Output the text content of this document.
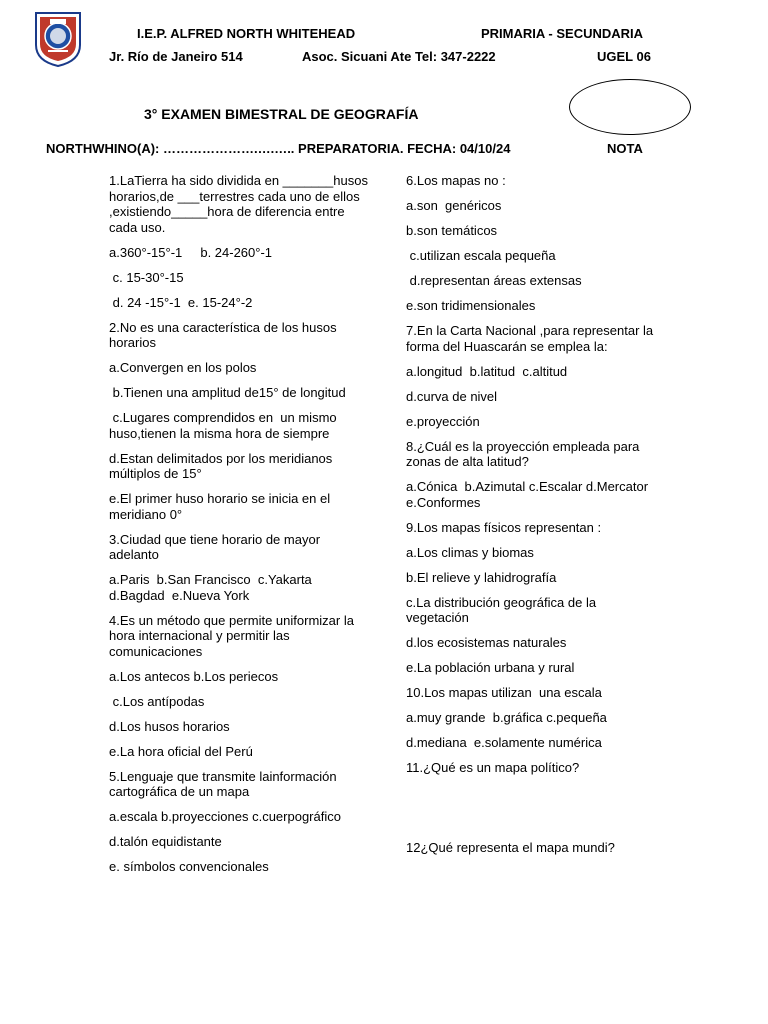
I.E.P. ALFRED NORTH WHITEHEAD	PRIMARIA - SECUNDARIA
Jr. Río de Janeiro 514	Asoc. Sicuani Ate Tel: 347-2222	UGEL 06
3° EXAMEN BIMESTRAL DE GEOGRAFÍA
NORTHWHINO(A): ………………….….….. PREPARATORIA. FECHA: 04/10/24	NOTA

1.LaTierra ha sido dividida en _______husos horarios,de ___terrestres cada uno de ellos ,existiendo_____hora de diferencia entre cada uso.

a.360°-15°-1     b. 24-260°-1

c. 15-30°-15

d. 24 -15°-1  e. 15-24°-2

2.No es una característica de los husos horarios

a.Convergen en los polos

b.Tienen una amplitud de15° de longitud

c.Lugares comprendidos en  un mismo huso,tienen la misma hora de siempre

d.Estan delimitados por los meridianos múltiplos de 15°

e.El primer huso horario se inicia en el meridiano 0°

3.Ciudad que tiene horario de mayor adelanto

a.Paris  b.San Francisco  c.Yakarta d.Bagdad  e.Nueva York

4.Es un método que permite uniformizar la hora internacional y permitir las comunicaciones

a.Los antecos b.Los periecos

c.Los antípodas

d.Los husos horarios

e.La hora oficial del Perú

5.Lenguaje que transmite lainformación cartográfica de un mapa

a.escala b.proyecciones c.cuerpográfico

d.talón equidistante

e. símbolos convencionales

6.Los mapas no :

a.son  genéricos

b.son temáticos

c.utilizan escala pequeña

d.representan áreas extensas

e.son tridimensionales

7.En la Carta Nacional ,para representar la forma del Huascarán se emplea la:

a.longitud  b.latitud  c.altitud

d.curva de nivel

e.proyección

8.¿Cuál es la proyección empleada para zonas de alta latitud?

a.Cónica  b.Azimutal c.Escalar d.Mercator  e.Conformes

9.Los mapas físicos representan :

a.Los climas y biomas

b.El relieve y lahidrografía

c.La distribución geográfica de la vegetación

d.los ecosistemas naturales

e.La población urbana y rural

10.Los mapas utilizan  una escala

a.muy grande  b.gráfica c.pequeña

d.mediana  e.solamente numérica

11.¿Qué es un mapa político?

12¿Qué representa el mapa mundi?
